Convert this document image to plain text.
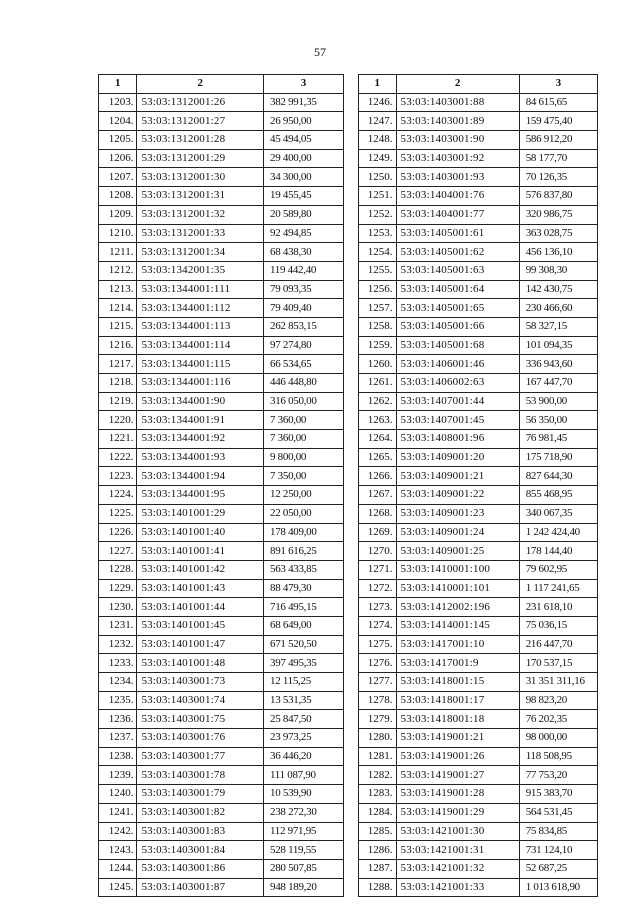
57
1	2	3
1203.	53:03:1312001:26	382 991,35
1204.	53:03:1312001:27	26 950,00
1205.	53:03:1312001:28	45 494,05
1206.	53:03:1312001:29	29 400,00
1207.	53:03:1312001:30	34 300,00
1208.	53:03:1312001:31	19 455,45
1209.	53:03:1312001:32	20 589,80
1210.	53:03:1312001:33	92 494,85
1211.	53:03:1312001:34	68 438,30
1212.	53:03:1342001:35	119 442,40
1213.	53:03:1344001:111	79 093,35
1214.	53:03:1344001:112	79 409,40
1215.	53:03:1344001:113	262 853,15
1216.	53:03:1344001:114	97 274,80
1217.	53:03:1344001:115	66 534,65
1218.	53:03:1344001:116	446 448,80
1219.	53:03:1344001:90	316 050,00
1220.	53:03:1344001:91	7 360,00
1221.	53:03:1344001:92	7 360,00
1222.	53:03:1344001:93	9 800,00
1223.	53:03:1344001:94	7 350,00
1224.	53:03:1344001:95	12 250,00
1225.	53:03:1401001:29	22 050,00
1226.	53:03:1401001:40	178 409,00
1227.	53:03:1401001:41	891 616,25
1228.	53:03:1401001:42	563 433,85
1229.	53:03:1401001:43	88 479,30
1230.	53:03:1401001:44	716 495,15
1231.	53:03:1401001:45	68 649,00
1232.	53:03:1401001:47	671 520,50
1233.	53:03:1401001:48	397 495,35
1234.	53:03:1403001:73	12 115,25
1235.	53:03:1403001:74	13 531,35
1236.	53:03:1403001:75	25 847,50
1237.	53:03:1403001:76	23 973,25
1238.	53:03:1403001:77	36 446,20
1239.	53:03:1403001:78	111 087,90
1240.	53:03:1403001:79	10 539,90
1241.	53:03:1403001:82	238 272,30
1242.	53:03:1403001:83	112 971,95
1243.	53:03:1403001:84	528 119,55
1244.	53:03:1403001:86	280 507,85
1245.	53:03:1403001:87	948 189,20
1	2	3
1246.	53:03:1403001:88	84 615,65
1247.	53:03:1403001:89	159 475,40
1248.	53:03:1403001:90	586 912,20
1249.	53:03:1403001:92	58 177,70
1250.	53:03:1403001:93	70 126,35
1251.	53:03:1404001:76	576 837,80
1252.	53:03:1404001:77	320 986,75
1253.	53:03:1405001:61	363 028,75
1254.	53:03:1405001:62	456 136,10
1255.	53:03:1405001:63	99 308,30
1256.	53:03:1405001:64	142 430,75
1257.	53:03:1405001:65	230 466,60
1258.	53:03:1405001:66	58 327,15
1259.	53:03:1405001:68	101 094,35
1260.	53:03:1406001:46	336 943,60
1261.	53:03:1406002:63	167 447,70
1262.	53:03:1407001:44	53 900,00
1263.	53:03:1407001:45	56 350,00
1264.	53:03:1408001:96	76 981,45
1265.	53:03:1409001:20	175 718,90
1266.	53:03:1409001:21	827 644,30
1267.	53:03:1409001:22	855 468,95
1268.	53:03:1409001:23	340 067,35
1269.	53:03:1409001:24	1 242 424,40
1270.	53:03:1409001:25	178 144,40
1271.	53:03:1410001:100	79 602,95
1272.	53:03:1410001:101	1 117 241,65
1273.	53:03:1412002:196	231 618,10
1274.	53:03:1414001:145	75 036,15
1275.	53:03:1417001:10	216 447,70
1276.	53:03:1417001:9	170 537,15
1277.	53:03:1418001:15	31 351 311,16
1278.	53:03:1418001:17	98 823,20
1279.	53:03:1418001:18	76 202,35
1280.	53:03:1419001:21	98 000,00
1281.	53:03:1419001:26	118 508,95
1282.	53:03:1419001:27	77 753,20
1283.	53:03:1419001:28	915 383,70
1284.	53:03:1419001:29	564 531,45
1285.	53:03:1421001:30	75 834,85
1286.	53:03:1421001:31	731 124,10
1287.	53:03:1421001:32	52 687,25
1288.	53:03:1421001:33	1 013 618,90
